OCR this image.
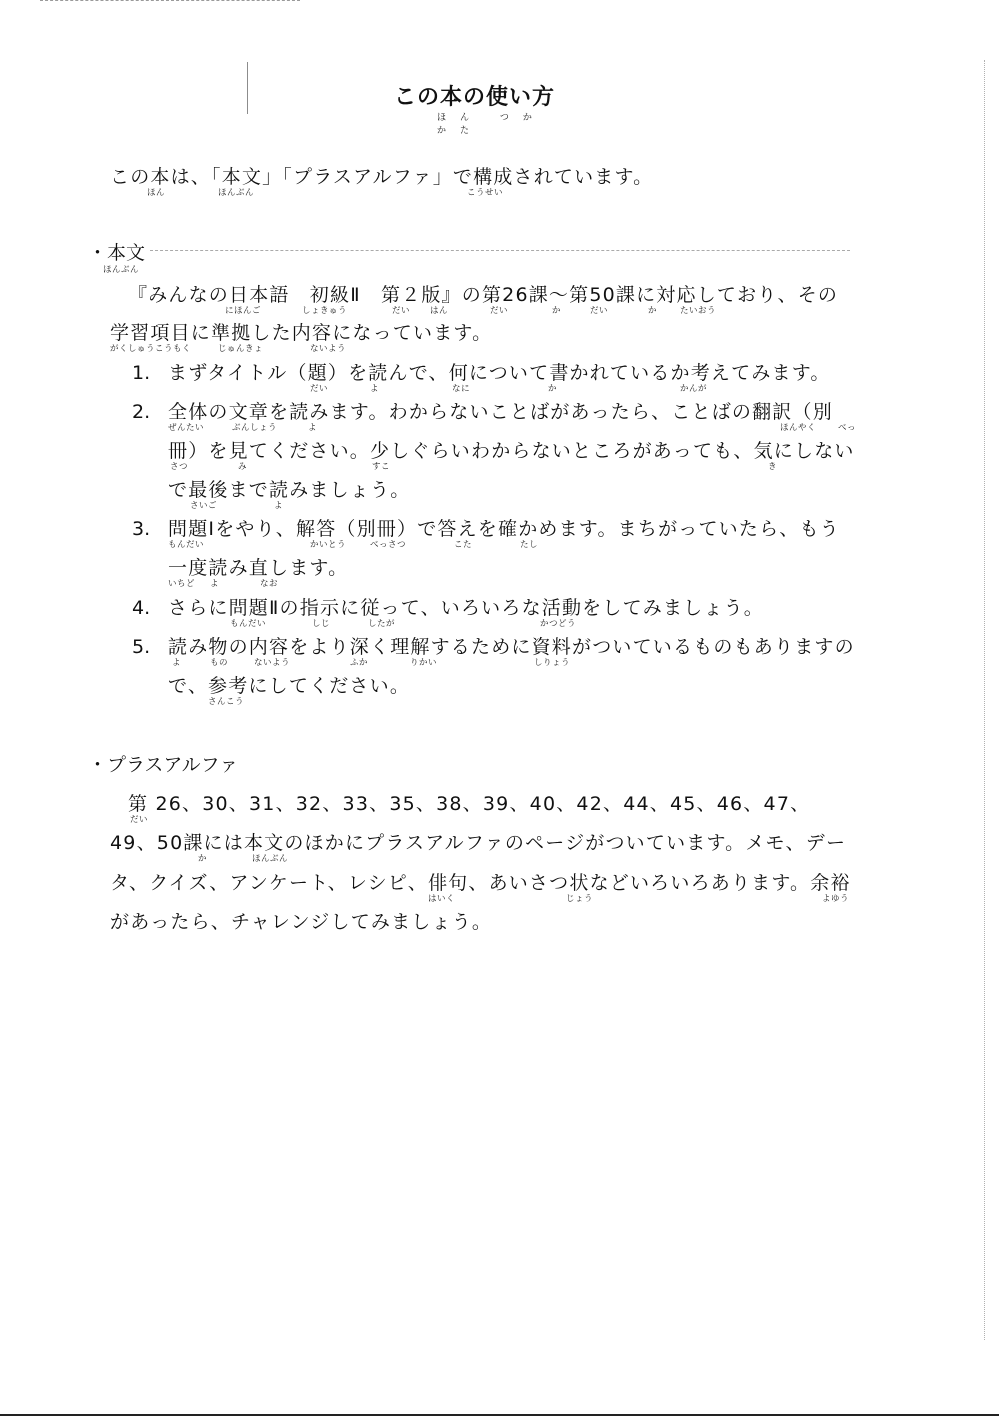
この本の使い方
ほん つか かた
この本は、「本文」「プラスアルファ」で構成されています。
ほん	ほんぶん	こうせい
・本文
ほんぶん
『みんなの日本語　初級Ⅱ　第２版』の第26課〜第50課に対応しており、その
にほんご	しょきゅう	だい はん	だい	か	だい	か	たいおう
学習項目に準拠した内容になっています。
がくしゅうこうもく	じゅんきょ	ないよう
1. まずタイトル（題）を読んで、何について書かれているか考えてみます。
だい	よ	なに	か	かんが
2. 全体の文章を読みます。わからないことばがあったら、ことばの翻訳（別
ぜんたい	ぶんしょう	よ	ほんやく	べっ
冊）を見てください。少しぐらいわからないところがあっても、気にしない
さつ	み	すこ	き
で最後まで読みましょう。
さいご	よ
3. 問題Ⅰをやり、解答（別冊）で答えを確かめます。まちがっていたら、もう
もんだい	かいとう	べっさつ	こた	たし
一度読み直します。
いちど よ	なお
4. さらに問題Ⅱの指示に従って、いろいろな活動をしてみましょう。
もんだい	しじ	したが	かつどう
5. 読み物の内容をより深く理解するために資料がついているものもありますの
よ	もの	ないよう	ふか	りかい	しりょう
で、参考にしてください。
さんこう
・プラスアルファ
第 26、30、31、32、33、35、38、39、40、42、44、45、46、47、
だい
49、50課には本文のほかにプラスアルファのページがついています。メモ、デー
か	ほんぶん
タ、クイズ、アンケート、レシピ、俳句、あいさつ状などいろいろあります。余裕
はいく	じょう	よゆう
があったら、チャレンジしてみましょう。
